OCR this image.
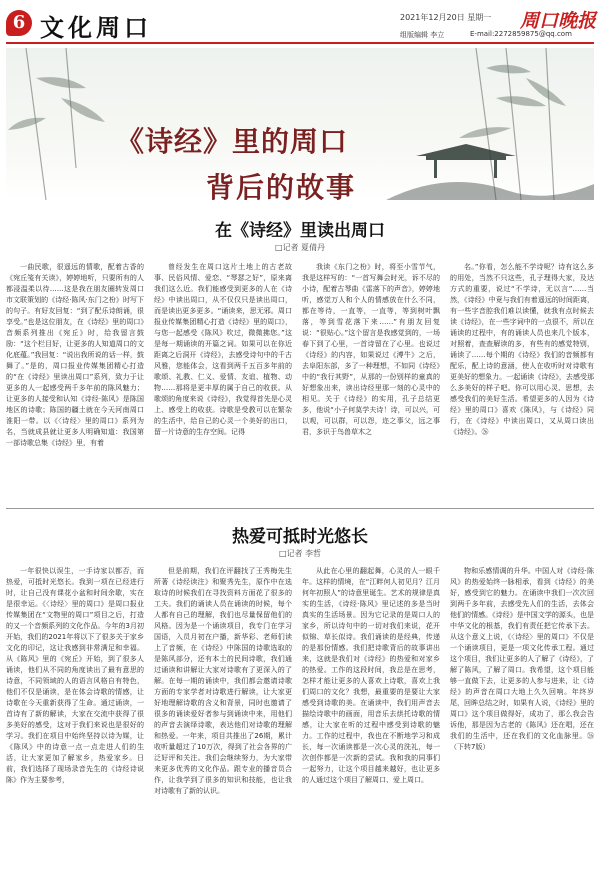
6 文化周口	2021年12月20日 星期一 周口晚报
组版编辑 李立	E-mail:2272859875@qq.com
《诗经》里的周口
背后的故事
在《诗经》里读出周口
□记者 夏倩丹

一曲民歌，很遥远的情歌，配着古香的《宛丘笺有关读》，婷婷地听，只要所有的人都浸温柔以待……这是我在朋友圈转发周口市文联策划的《诗经·陈风·东门之枌》时写下的句子。有好友回复：“到了配乐诗朗诵，很享受。”也是这位朋友，在《诗经》里的周口》音频系列推出《宛丘》时，给我留言鼓励：“这个栏目好，让更多的人知道周口的文化底蕴。”我回复：“说出我所说的话一样，鼓舞了。”是的，周口报业传媒集团精心打造的“在《诗经》里读出周口”系列，致力于让更多的人一起感受两千多年前的陈风魅力；让更多的人接受和认知《诗经·陈风》是陈国地区的诗歌；陈国的疆土就在今天河南周口淮阳一带。以《〈诗经〉里的周口》系列为名，当就成县就让更多人明确知道：我国第一部诗歌总集《诗经》里，有着

曾经发生在周口这片土地上的古老故事、民俗风情、爱恋、“琴瑟之好”，原来离我们这么近。我们能感受到更多的人在《诗经》中读出周口，从不仅仅只是读出周口，而是读出更多更多。“诵读来，思无邪。周口报业传媒集团精心打造《诗经》里的周口》，与您一起感受《陈风》吹过，微微拂您。”这是每一期诵读的开篇之词。如果可以在你近距离之后洞开《诗经》，去感受诗句中的千古风雅，您能体会，这看到两千五百多年前的歌颂、礼教、仁义、爱情、友谊、植物、动物……那将是更丰厚的属于自己的收获。从歌颂的角度来说《诗经》，我觉得首先是心灵上、感受上的收获。诗歌是受教可以在繁杂的生活中，给自己的心灵一个美好的出口，留一片诗意的生存空间。记得

我读《东门之枌》时，将至小雪节气，我是这样写的：“一首写舞会时光，诉不尽的小诗，配着古琴曲《雷落下的声音》，婷婷地听，感觉万人和个人的情感放在什么不同，都在等待，一直等，一直等，等到树叶飘落，等到雪花落下来……”有朋友回复说：“很贴心。”这个留言是我感觉到的，一场春下到了心里，一首诗留在了心里。也说过《诗经》的内容，如果说过《溥牛》之后，去阜阳东部，多了一种理想，不如同《诗经》中的“我行其野”，从那的一份别样的童真的好想象出来，读出诗经里那一刻的心灵中的相见。关于《诗经》的实用，孔子总结更多，他说“小子何莫学夫诗！诗，可以兴，可以观，可以群，可以怨，迩之事父，远之事君，多识于鸟兽草木之

名。”你看，怎么能不学诗呢？诗有这么多的用处，当然不只这些，孔子理得大家，及达方式的重要，说过“不学诗，无以言”……当然，《诗经》中竟与我们有着遥远的时间距离，有一些字音腔我们难以读懂，就我有点时候去读《诗经》，在一些字词中的一点很不，所以在诵读的过程中，有的诵读人员也来几个版本，对照着，查查解读的多，有些有的感觉特别，诵读了……每个期的《诗经》我们的音频都有配乐，配上诗的意涵，使人在收听时对诗歌有更美好的想象力。一起诵读《诗经》，去感受那么多美好的样子吧。你可以用心灵、思想，去感受我们的美好生活。希望更多的人因为《诗经》里的周口》喜欢《陈风》，与《诗经》同行，在《诗经》中读出周口，又从周口读出《诗经》。㉖

热爱可抵时光悠长
□记者 李哲

一年很快以误生，一手诗家以都否，而热爱，可抵时光悠长。我到一项在已经进行时，让自己没有课花小盆和时间余歇，实在是很幸运。《〈诗经〉里的周口》是周口报业传媒集团在“文物里的周口”项目之后，打造的又一个音频系列的文化作品。今年的3月初开始，我们的2021年将以下了很多关于家乡文化的印记，这让我感到非常满足和幸福。从《陈风》里的《宛丘》开始，到了很多人诵读，他们从不同的角度读出了最有意思的诗意，不同领域的人的语言风格自有特色，他们不仅是诵读，是在体会诗歌的情感，让诗歌在今天重新获得了生命。通过诵读，一首诗有了新的解读，大家在交流中获得了很多美好的感受，这对于我们来说也是很好的学习。我们在项目中始终坚持以诗为媒，让《陈风》中的诗意一点一点走进人们的生活，让大家更加了解家乡，热爱家乡。日前，我们选择了现场录音先生的《诗经诗说陈》作为主要参考，

但是前期，我们在评翻找了王秀梅先生所著《诗经读注》和聚秀先生，原作中在选取诗的时候我们在寻找资料方面花了很多的工夫。我们的诵读人员在诵读的时候，每个人都有自己的理解，我们也尽量保留他们的风格。因为是一个诵读项目，我专门在学习国语，入员月初在户播，新华彩、老师们读上了音频，在《诗经》中陈国的诗歌选取的是陈风部分，还有本土的民间诗歌，我们通过诵读和讲解让大家对诗歌有了更深入的了解。在每一期的诵读中，我们都会邀请诗歌方面的专家学者对诗歌进行解读，让大家更好地理解诗歌的含义和背景，同时也邀请了很多的诵读爱好者参与到诵读中来，用他们的声音去演绎诗歌，表达他们对诗歌的理解和热爱。一年来，项目共推出了26期，累计收听量超过了10万次，得到了社会各界的广泛好评和关注。我们会继续努力，为大家带来更多优秀的文化作品。跟专业的播音员合作，让我学到了很多的知识和技能，也让我对诗歌有了新的认识。

从此在心里的翻起舞，心灵的人一眼千年。这样的情境，在“江畔何人初见月？江月何年初照人”的诗意里诞生。艺术的规律是真实的生活，《诗经·陈风》里记述的多是当时真实的生活场景。因为它记录的是周口人的家乡，所以诗句中的一切对我们来说，花开似锦、草长似诗。我们诵读的是经典，传递的是那份情感。我们把诗歌背后的故事讲出来，这就是我们对《诗经》的热爱和对家乡的热爱。工作的这段时间，我总是在思考，怎样才能让更多的人喜欢上诗歌，喜欢上我们周口的文化？我想，最重要的是要让大家感受到诗歌的美。在诵读中，我们用声音去描绘诗歌中的画面，用音乐去烘托诗歌的情感，让大家在听的过程中感受到诗歌的魅力。工作的过程中，我也在不断地学习和成长，每一次诵读都是一次心灵的洗礼，每一次创作都是一次新的尝试。我和我的同事们一起努力，让这个项目越来越好，也让更多的人通过这个项目了解周口、爱上周口。

物和乐感情调的升华。中国人对《诗经·陈风》的热爱始终一脉相承，看到《诗经》的美好，感受到它的魅力。在诵读中我们一次次回到两千多年前，去感受先人们的生活，去体会他们的情感。《诗经》是中国文学的源头，也是中华文化的根基，我们有责任把它传承下去。从这个意义上说，《〈诗经〉里的周口》不仅是一个诵读项目，更是一项文化传承工程。通过这个项目，我们让更多的人了解了《诗经》，了解了陈风，了解了周口。我希望，这个项目能够一直做下去，让更多的人参与进来，让《诗经》的声音在周口大地上久久回响。年终岁尾，回眸总结之时，如果有人说，《诗经》里的周口》这个项目做得好，成功了，那么我会告诉他，那是因为古老的《陈风》还在唱，还在我们的生活中，还在我们的文化血脉里。㉖（下转7版）
